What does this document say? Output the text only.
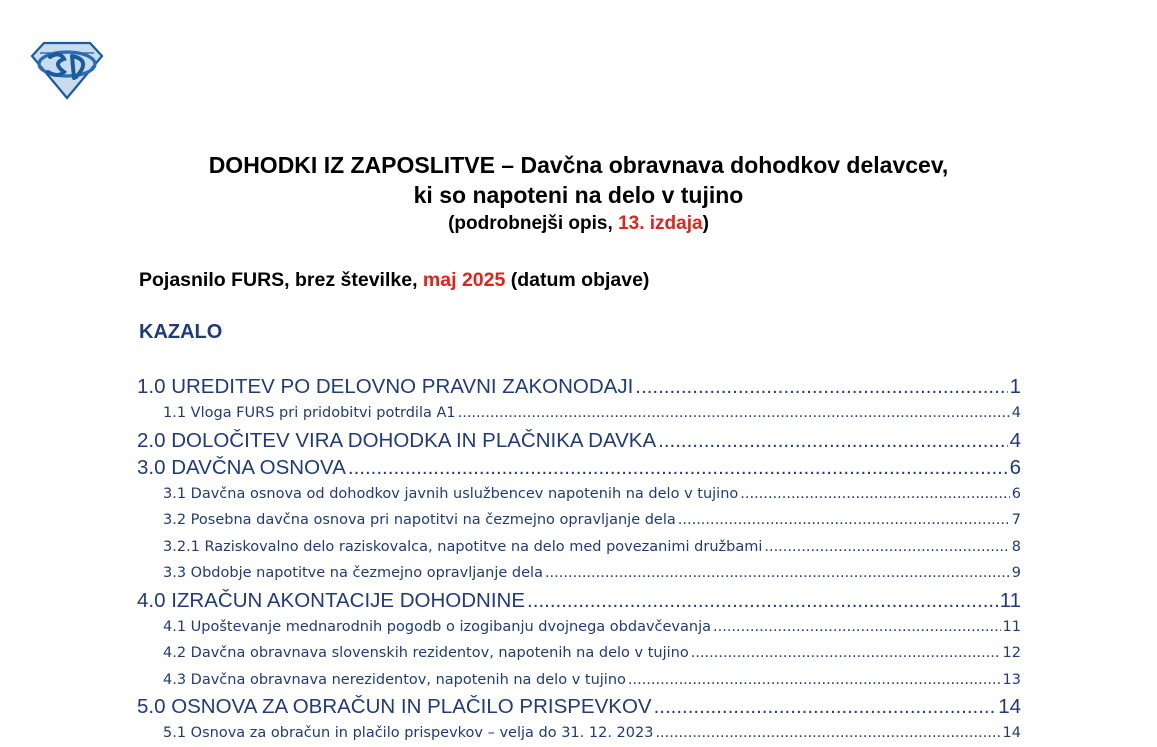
DOHODKI IZ ZAPOSLITVE – Davčna obravnava dohodkov delavcev,
ki so napoteni na delo v tujino
(podrobnejši opis, 13. izdaja)
Pojasnilo FURS, brez številke, maj 2025 (datum objave)
KAZALO
1.0 UREDITEV PO DELOVNO PRAVNI ZAKONODAJI .....	1
1.1 Vloga FURS pri pridobitvi potrdila A1 .....	4
2.0 DOLOČITEV VIRA DOHODKA IN PLAČNIKA DAVKA .....	4
3.0 DAVČNA OSNOVA .....	6
3.1 Davčna osnova od dohodkov javnih uslužbencev napotenih na delo v tujino .....	6
3.2 Posebna davčna osnova pri napotitvi na čezmejno opravljanje dela .....	7
3.2.1 Raziskovalno delo raziskovalca, napotitve na delo med povezanimi družbami .....	8
3.3 Obdobje napotitve na čezmejno opravljanje dela .....	9
4.0 IZRAČUN AKONTACIJE DOHODNINE .....	11
4.1 Upoštevanje mednarodnih pogodb o izogibanju dvojnega obdavčevanja .....	11
4.2 Davčna obravnava slovenskih rezidentov, napotenih na delo v tujino .....	12
4.3 Davčna obravnava nerezidentov, napotenih na delo v tujino .....	13
5.0 OSNOVA ZA OBRAČUN IN PLAČILO PRISPEVKOV .....	14
5.1 Osnova za obračun in plačilo prispevkov – velja do 31. 12. 2023 .....	14
